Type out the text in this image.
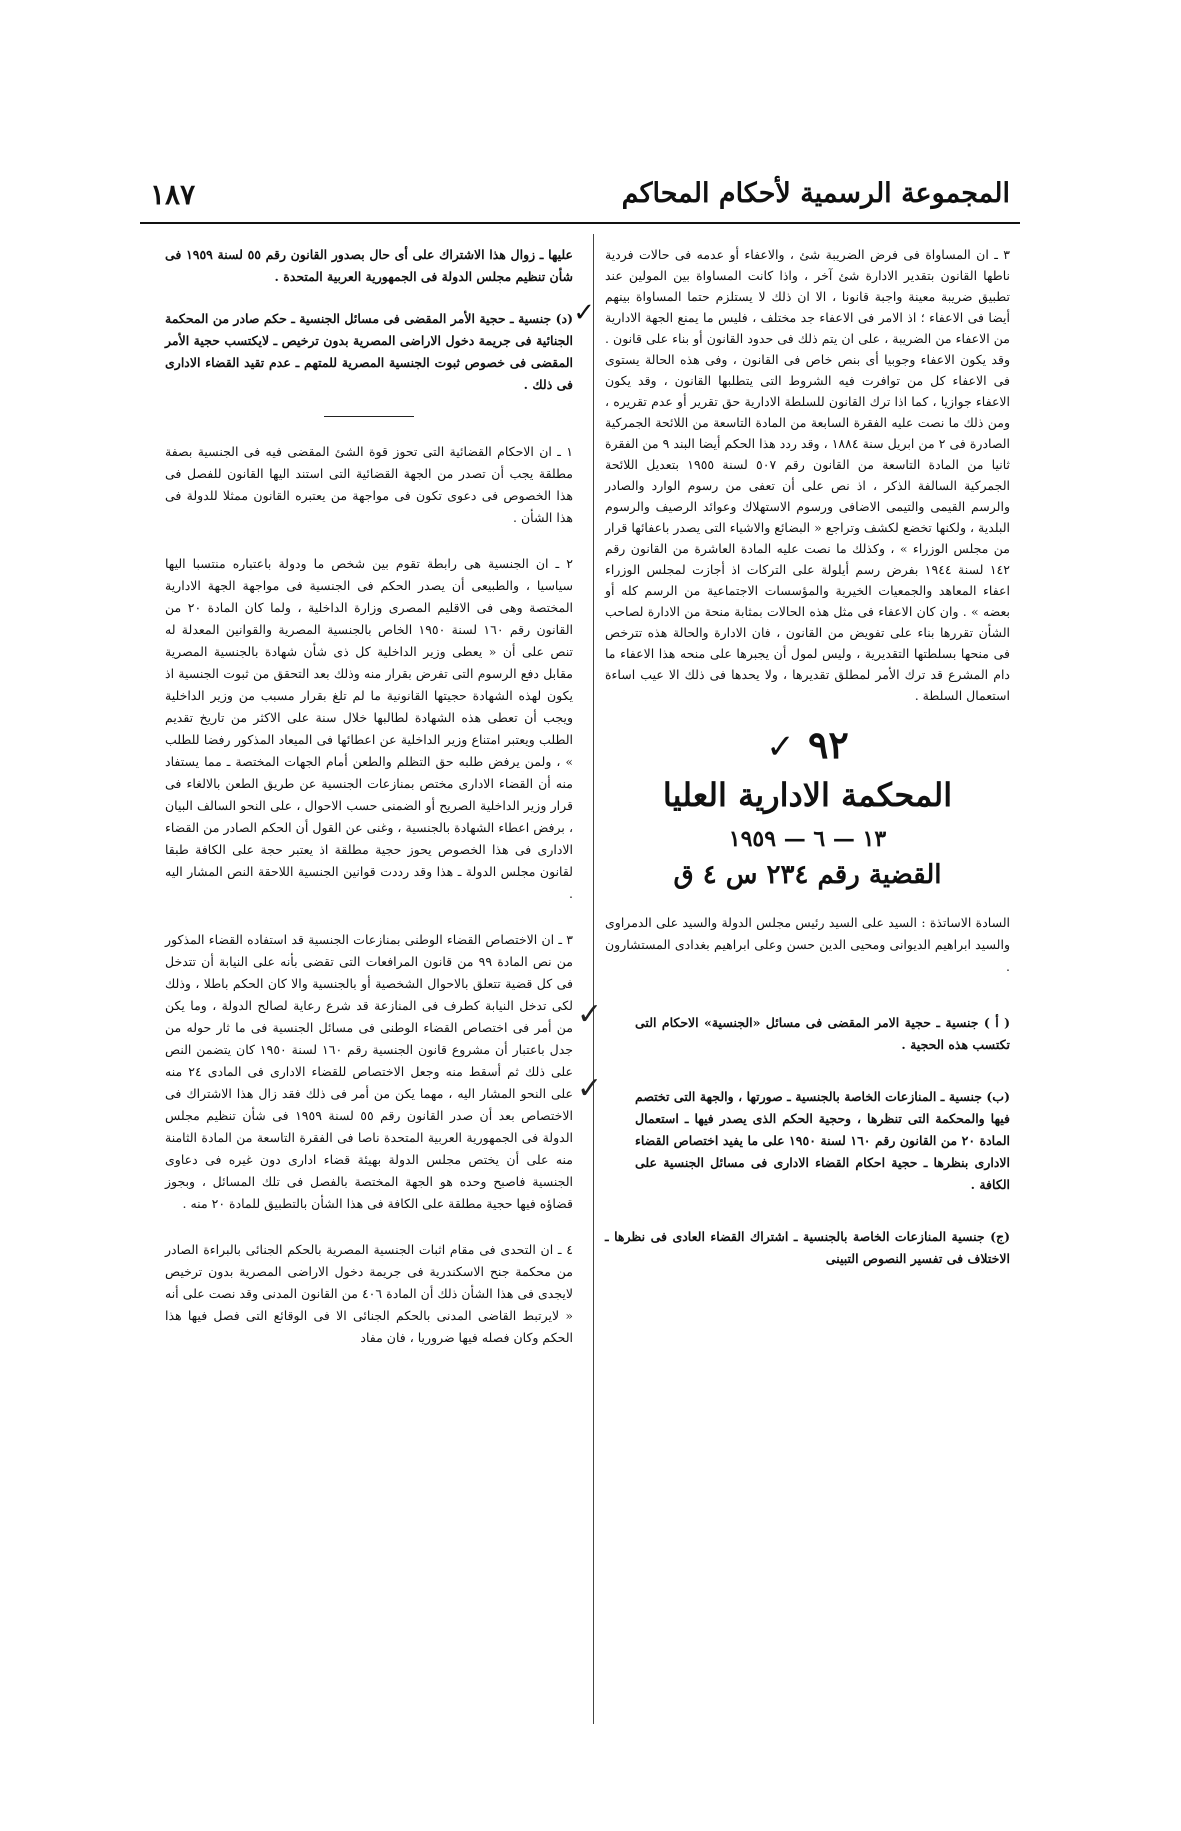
المجموعة الرسمية لأحكام المحاكم
١٨٧

٣ ـ ان المساواة فى فرض الضريبة شئ ، والاعفاء أو عدمه فى حالات فردية ناطها القانون بتقدير الادارة شئ آخر ، واذا كانت المساواة بين المولين عند تطبيق ضريبة معينة واجبة قانونا ، الا ان ذلك لا يستلزم حتما المساواة بينهم أيضا فى الاعفاء ؛ اذ الامر فى الاعفاء جد مختلف ، فليس ما يمنع الجهة الادارية من الاعفاء من الضريبة ، على ان يتم ذلك فى حدود القانون أو بناء على قانون . وقد يكون الاعفاء وجوبيا أى بنص خاص فى القانون ، وفى هذه الحالة يستوى فى الاعفاء كل من توافرت فيه الشروط التى يتطلبها القانون ، وقد يكون الاعفاء جوازيا ، كما اذا ترك القانون للسلطة الادارية حق تقرير أو عدم تقريره ، ومن ذلك ما نصت عليه الفقرة السابعة من المادة التاسعة من اللائحة الجمركية الصادرة فى ٢ من ابريل سنة ١٨٨٤ ، وقد ردد هذا الحكم أيضا البند ٩ من الفقرة ثانيا من المادة التاسعة من القانون رقم ٥٠٧ لسنة ١٩٥٥ بتعديل اللائحة الجمركية السالفة الذكر ، اذ نص على أن تعفى من رسوم الوارد والصادر والرسم القيمى والتيمى الاضافى ورسوم الاستهلاك وعوائد الرصيف والرسوم البلدية ، ولكنها تخضع لكشف وتراجع « البضائع والاشياء التى يصدر باعفائها قرار من مجلس الوزراء » ، وكذلك ما نصت عليه المادة العاشرة من القانون رقم ١٤٢ لسنة ١٩٤٤ بفرض رسم أيلولة على التركات اذ أجازت لمجلس الوزراء اعفاء المعاهد والجمعيات الخيرية والمؤسسات الاجتماعية من الرسم كله أو بعضه » . وان كان الاعفاء فى مثل هذه الحالات بمثابة منحة من الادارة لصاحب الشأن تقررها بناء على تفويض من القانون ، فان الادارة والحالة هذه تترخص فى منحها بسلطتها التقديرية ، وليس لمول أن يجبرها على منحه هذا الاعفاء ما دام المشرع قد ترك الأمر لمطلق تقديرها ، ولا يحدها فى ذلك الا عيب اساءة استعمال السلطة .

٩٢ ✓
المحكمة الادارية العليا
١٣ — ٦ — ١٩٥٩
القضية رقم ٢٣٤ س ٤ ق

السادة الاساتذة : السيد على السيد رئيس مجلس الدولة والسيد على الدمراوى والسيد ابراهيم الديوانى ومحيى الدين حسن وعلى ابراهيم بغدادى المستشارون .

✓	( أ ) جنسية ـ حجية الامر المقضى فى مسائل «الجنسية» الاحكام التى تكتسب هذه الحجية .
✓	(ب) جنسية ـ المنازعات الخاصة بالجنسية ـ صورتها ، والجهة التى تختصم فيها والمحكمة التى تنظرها ، وحجية الحكم الذى يصدر فيها ـ استعمال المادة ٢٠ من القانون رقم ١٦٠ لسنة ١٩٥٠ على ما يفيد اختصاص القضاء الادارى بنظرها ـ حجية احكام القضاء الادارى فى مسائل الجنسية على الكافة .
(ج) جنسية المنازعات الخاصة بالجنسية ـ اشتراك القضاء العادى فى نظرها ـ الاختلاف فى تفسير النصوص التبينى

عليها ـ زوال هذا الاشتراك على أى حال بصدور القانون رقم ٥٥ لسنة ١٩٥٩ فى شأن تنظيم مجلس الدولة فى الجمهورية العربية المتحدة .

✓
(د) جنسية ـ حجية الأمر المقضى فى مسائل الجنسية ـ حكم صادر من المحكمة الجنائية فى جريمة دخول الاراضى المصرية بدون ترخيص ـ لايكتسب حجية الأمر المقضى فى خصوص ثبوت الجنسية المصرية للمتهم ـ عدم تقيد القضاء الادارى فى ذلك .

١ ـ ان الاحكام القضائية التى تحوز قوة الشئ المقضى فيه فى الجنسية بصفة مطلقة يجب أن تصدر من الجهة القضائية التى استند اليها القانون للفصل فى هذا الخصوص فى دعوى تكون فى مواجهة من يعتبره القانون ممثلا للدولة فى هذا الشأن .

٢ ـ ان الجنسية هى رابطة تقوم بين شخص ما ودولة باعتباره منتسبا اليها سياسيا ، والطبيعى أن يصدر الحكم فى الجنسية فى مواجهة الجهة الادارية المختصة وهى فى الاقليم المصرى وزارة الداخلية ، ولما كان المادة ٢٠ من القانون رقم ١٦٠ لسنة ١٩٥٠ الخاص بالجنسية المصرية والقوانين المعدلة له تنص على أن « يعطى وزير الداخلية كل ذى شأن شهادة بالجنسية المصرية مقابل دفع الرسوم التى تفرض بقرار منه وذلك بعد التحقق من ثبوت الجنسية اذ يكون لهذه الشهادة حجيتها القانونية ما لم تلغ بقرار مسبب من وزير الداخلية ويجب أن تعطى هذه الشهادة لطالبها خلال سنة على الاكثر من تاريخ تقديم الطلب ويعتبر امتناع وزير الداخلية عن اعطائها فى الميعاد المذكور رفضا للطلب » ، ولمن يرفض طلبه حق التظلم والطعن أمام الجهات المختصة ـ مما يستفاد منه أن القضاء الادارى مختص بمنازعات الجنسية عن طريق الطعن بالالغاء فى قرار وزير الداخلية الصريح أو الضمنى حسب الاحوال ، على النحو السالف البيان ، برفض اعطاء الشهادة بالجنسية ، وغنى عن القول أن الحكم الصادر من القضاء الادارى فى هذا الخصوص يحوز حجية مطلقة اذ يعتبر حجة على الكافة طبقا لقانون مجلس الدولة ـ هذا وقد رددت قوانين الجنسية اللاحقة النص المشار اليه .

٣ ـ ان الاختصاص القضاء الوطنى بمنازعات الجنسية قد استفاده القضاء المذكور من نص المادة ٩٩ من قانون المرافعات التى تقضى بأنه على النيابة أن تتدخل فى كل قضية تتعلق بالاحوال الشخصية أو بالجنسية والا كان الحكم باطلا ، وذلك لكى تدخل النيابة كطرف فى المنازعة قد شرع رعاية لصالح الدولة ، وما يكن من أمر فى اختصاص القضاء الوطنى فى مسائل الجنسية فى ما ثار حوله من جدل باعتبار أن مشروع قانون الجنسية رقم ١٦٠ لسنة ١٩٥٠ كان يتضمن النص على ذلك ثم أسقط منه وجعل الاختصاص للقضاء الادارى فى المادى ٢٤ منه على النحو المشار اليه ، مهما يكن من أمر فى ذلك فقد زال هذا الاشتراك فى الاختصاص بعد أن صدر القانون رقم ٥٥ لسنة ١٩٥٩ فى شأن تنظيم مجلس الدولة فى الجمهورية العربية المتحدة ناصا فى الفقرة التاسعة من المادة الثامنة منه على أن يختص مجلس الدولة بهيئة قضاء ادارى دون غيره فى دعاوى الجنسية فاصبح وحده هو الجهة المختصة بالفصل فى تلك المسائل ، وبجوز قضاؤه فيها حجية مطلقة على الكافة فى هذا الشأن بالتطبيق للمادة ٢٠ منه .

٤ ـ ان التحدى فى مقام اثبات الجنسية المصرية بالحكم الجنائى بالبراءة الصادر من محكمة جنح الاسكندرية فى جريمة دخول الاراضى المصرية بدون ترخيص لايجدى فى هذا الشأن ذلك أن المادة ٤٠٦ من القانون المدنى وقد نصت على أنه « لايرتبط القاضى المدنى بالحكم الجنائى الا فى الوقائع التى فصل فيها هذا الحكم وكان فصله فيها ضروريا ، فان مفاد
